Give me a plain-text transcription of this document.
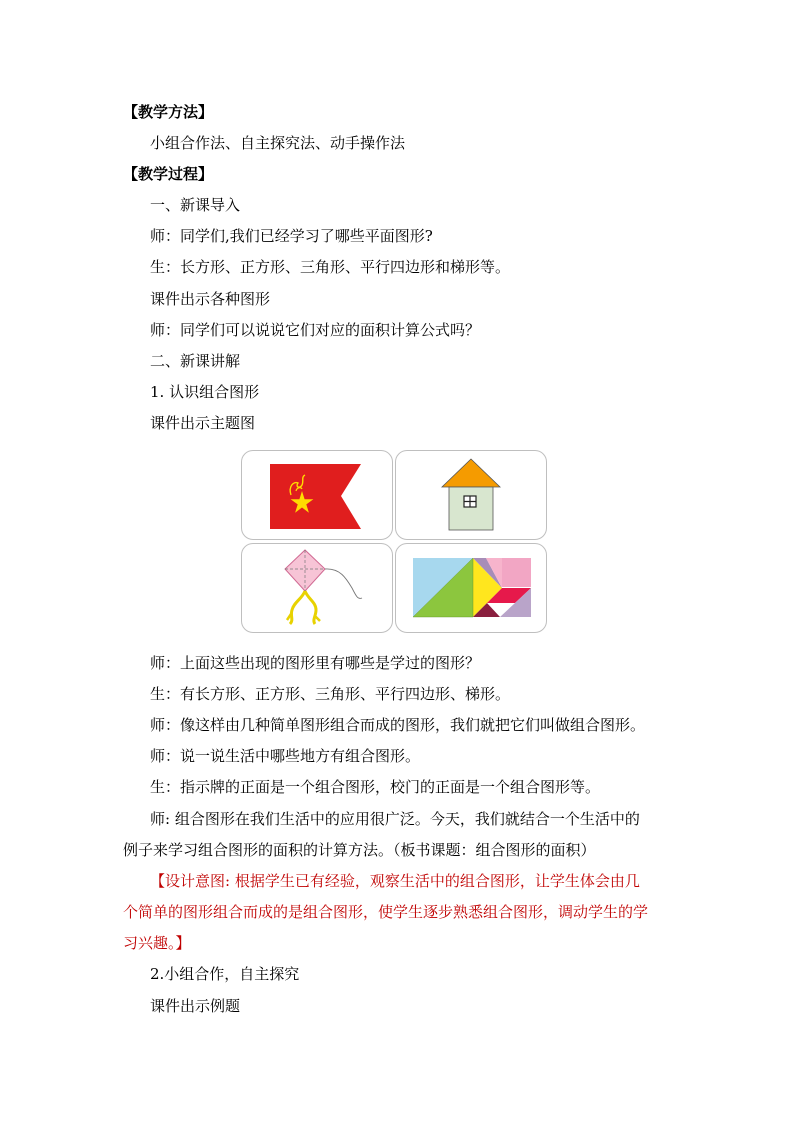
【教学方法】
小组合作法、自主探究法、动手操作法
【教学过程】
一、新课导入
师：同学们,我们已经学习了哪些平面图形?
生：长方形、正方形、三角形、平行四边形和梯形等。
课件出示各种图形
师：同学们可以说说它们对应的面积计算公式吗？
二、新课讲解
1. 认识组合图形
课件出示主题图
师：上面这些出现的图形里有哪些是学过的图形？
生：有长方形、正方形、三角形、平行四边形、梯形。
师：像这样由几种简单图形组合而成的图形，我们就把它们叫做组合图形。
师：说一说生活中哪些地方有组合图形。
生：指示牌的正面是一个组合图形，校门的正面是一个组合图形等。
师: 组合图形在我们生活中的应用很广泛。今天，我们就结合一个生活中的
例子来学习组合图形的面积的计算方法。（板书课题：组合图形的面积）
【设计意图: 根据学生已有经验，观察生活中的组合图形，让学生体会由几
个简单的图形组合而成的是组合图形，使学生逐步熟悉组合图形，调动学生的学
习兴趣。】
2.小组合作，自主探究
课件出示例题
